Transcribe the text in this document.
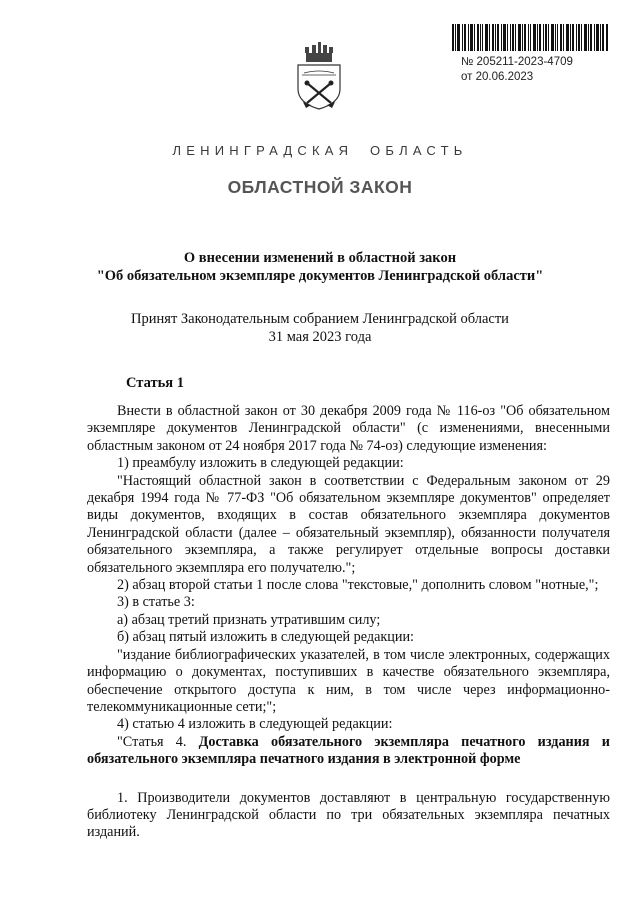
№ 205211-2023-4709
от 20.06.2023
ЛЕНИНГРАДСКАЯ ОБЛАСТЬ
ОБЛАСТНОЙ ЗАКОН
О внесении изменений в областной закон
"Об обязательном экземпляре документов Ленинградской области"
Принят Законодательным собранием Ленинградской области
31 мая 2023 года
Статья 1

Внести в областной закон от 30 декабря 2009 года № 116-оз "Об обязательном экземпляре документов Ленинградской области" (с изменениями, внесенными областным законом от 24 ноября 2017 года № 74-оз) следующие изменения:

1) преамбулу изложить в следующей редакции:

"Настоящий областной закон в соответствии с Федеральным законом от 29 декабря 1994 года № 77-ФЗ "Об обязательном экземпляре документов" определяет виды документов, входящих в состав обязательного экземпляра документов Ленинградской области (далее – обязательный экземпляр), обязанности получателя обязательного экземпляра, а также регулирует отдельные вопросы доставки обязательного экземпляра его получателю.";

2) абзац второй статьи 1 после слова "текстовые," дополнить словом "нотные,";

3) в статье 3:

а) абзац третий признать утратившим силу;

б) абзац пятый изложить в следующей редакции:

"издание библиографических указателей, в том числе электронных, содержащих информацию о документах, поступивших в качестве обязательного экземпляра, обеспечение открытого доступа к ним, в том числе через информационно-телекоммуникационные сети;";

4) статью 4 изложить в следующей редакции:

"Статья 4. Доставка обязательного экземпляра печатного издания и обязательного экземпляра печатного издания в электронной форме

1. Производители документов доставляют в центральную государственную библиотеку Ленинградской области по три обязательных экземпляра печатных изданий.
